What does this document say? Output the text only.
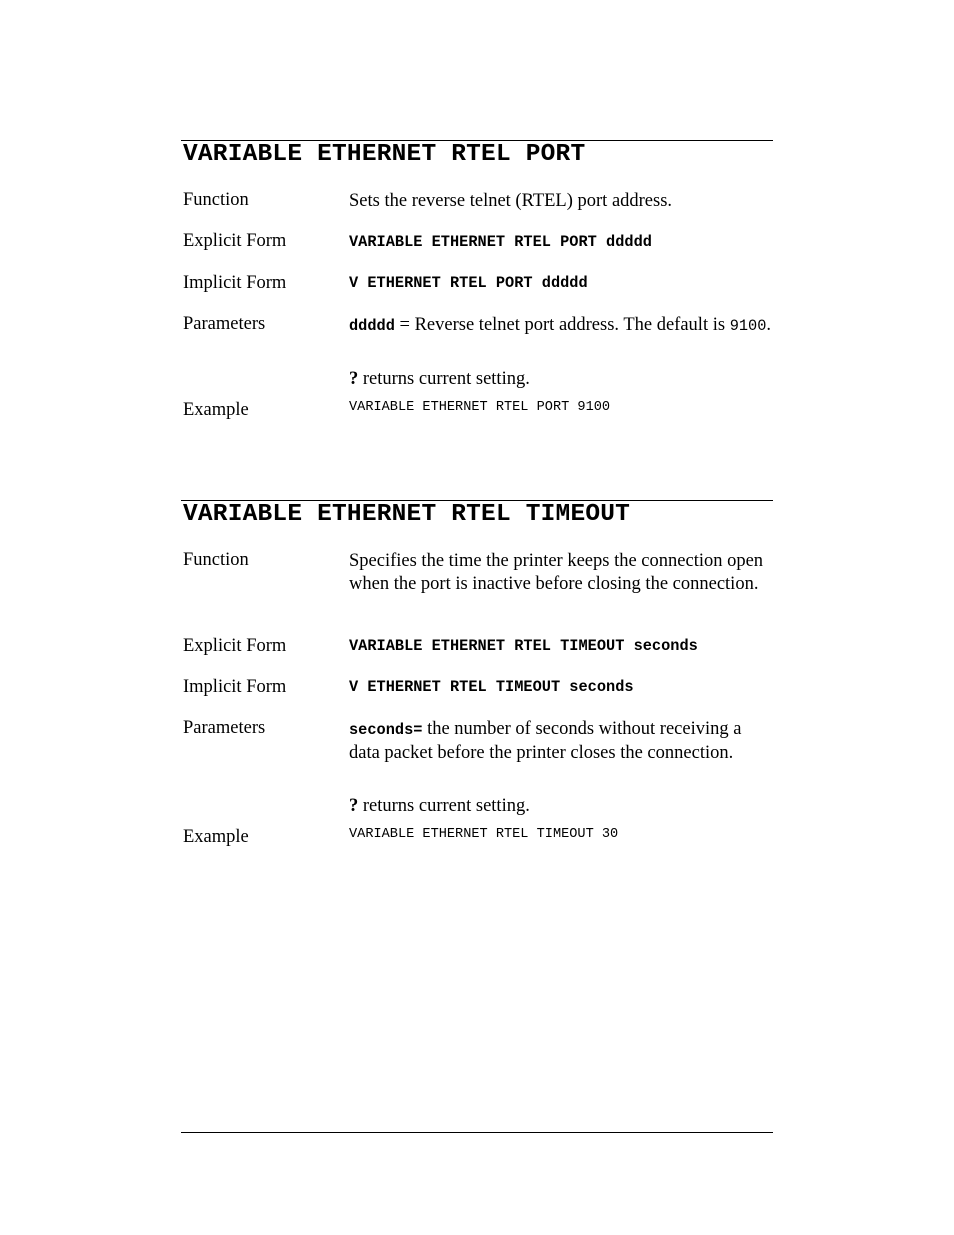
VARIABLE ETHERNET RTEL PORT
Function	Sets the reverse telnet (RTEL) port address.
Explicit Form	VARIABLE ETHERNET RTEL PORT ddddd
Implicit Form	V ETHERNET RTEL PORT ddddd
Parameters	ddddd = Reverse telnet port address. The default is 9100.
? returns current setting.
Example	VARIABLE ETHERNET RTEL PORT 9100
VARIABLE ETHERNET RTEL TIMEOUT
Function	Specifies the time the printer keeps the connection open when the port is inactive before closing the connection.
Explicit Form	VARIABLE ETHERNET RTEL TIMEOUT seconds
Implicit Form	V ETHERNET RTEL TIMEOUT seconds
Parameters	seconds= the number of seconds without receiving a data packet before the printer closes the connection.
? returns current setting.
Example	VARIABLE ETHERNET RTEL TIMEOUT 30
